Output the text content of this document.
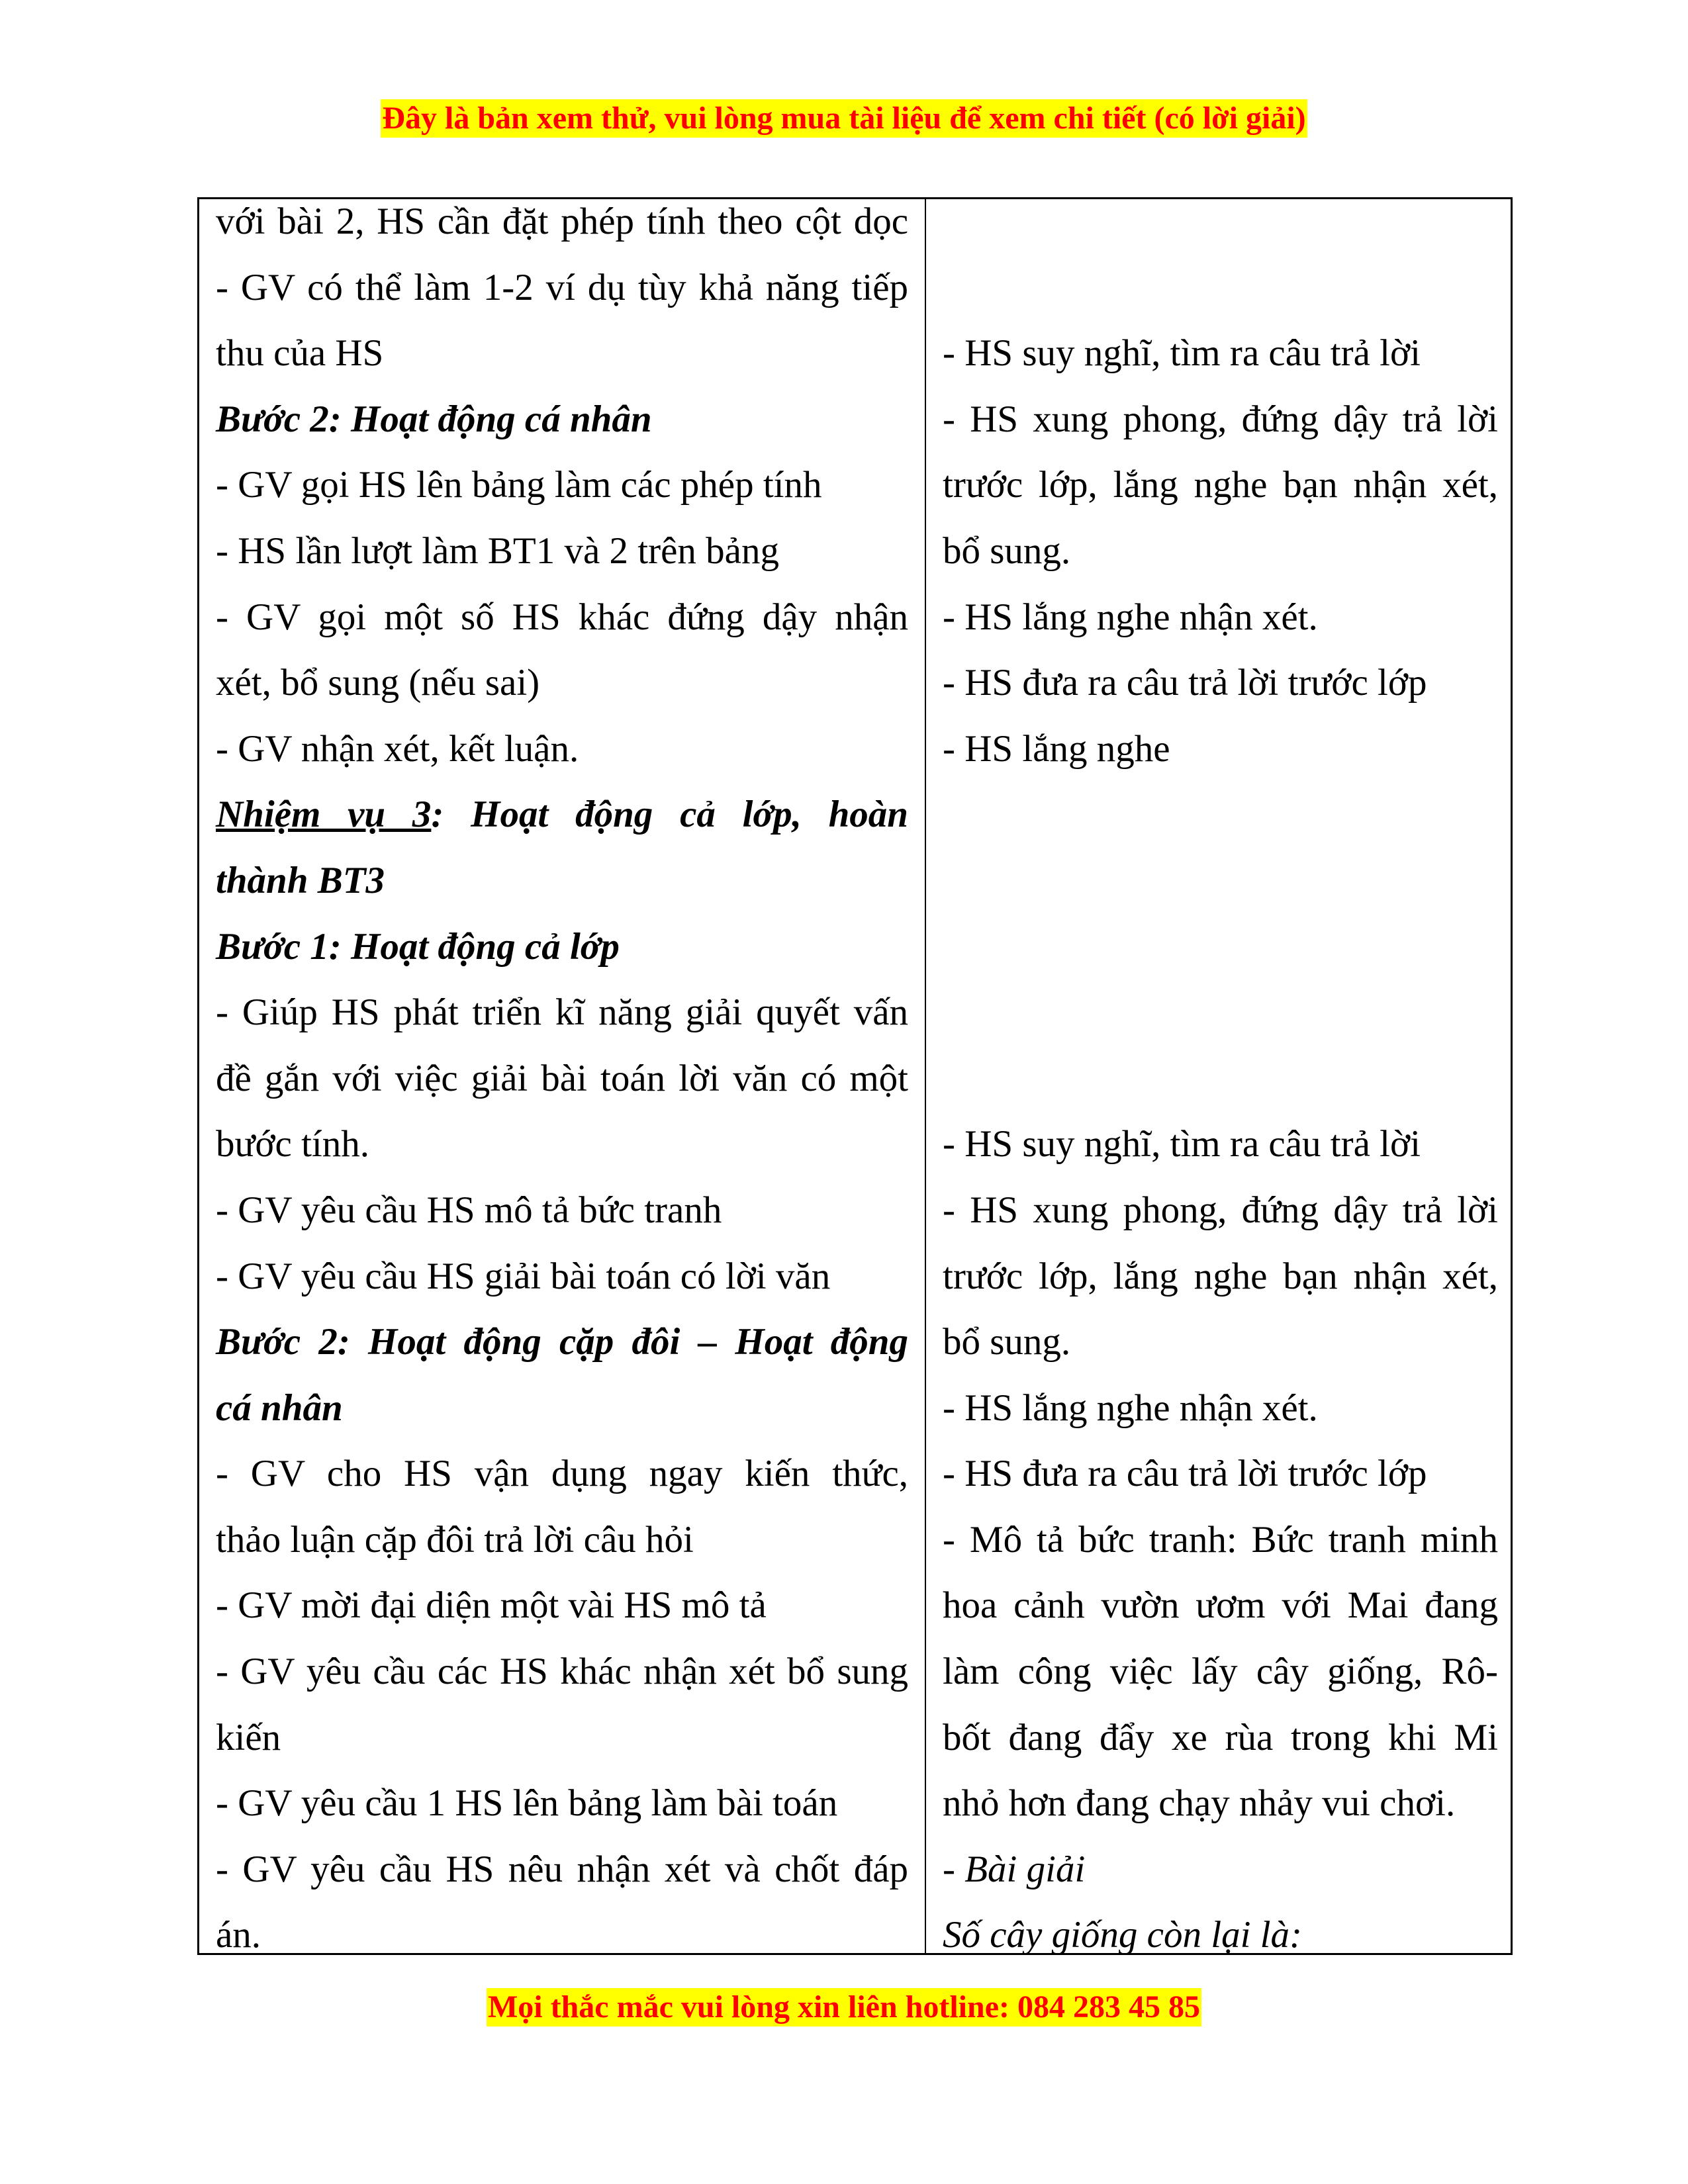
Đây là bản xem thử, vui lòng mua tài liệu để xem chi tiết (có lời giải)
với bài 2, HS cần đặt phép tính theo cột dọc
- GV có thể làm 1-2 ví dụ tùy khả năng tiếp
thu của HS
Bước 2: Hoạt động cá nhân
- GV gọi HS lên bảng làm các phép tính
- HS lần lượt làm BT1 và 2 trên bảng
- GV gọi một số HS khác đứng dậy nhận
xét, bổ sung (nếu sai)
- GV nhận xét, kết luận.
Nhiệm vụ 3: Hoạt động cả lớp, hoàn
thành BT3
Bước 1: Hoạt động cả lớp
- Giúp HS phát triển kĩ năng giải quyết vấn
đề gắn với việc giải bài toán lời văn có một
bước tính.
- GV yêu cầu HS mô tả bức tranh
- GV yêu cầu HS giải bài toán có lời văn
Bước 2: Hoạt động cặp đôi – Hoạt động
cá nhân
- GV cho HS vận dụng ngay kiến thức,
thảo luận cặp đôi trả lời câu hỏi
- GV mời đại diện một vài HS mô tả
- GV yêu cầu các HS khác nhận xét bổ sung
kiến
- GV yêu cầu 1 HS lên bảng làm bài toán
- GV yêu cầu HS nêu nhận xét và chốt đáp
án.

- HS suy nghĩ, tìm ra câu trả lời
- HS xung phong, đứng dậy trả lời
trước lớp, lắng nghe bạn nhận xét,
bổ sung.
- HS lắng nghe nhận xét.
- HS đưa ra câu trả lời trước lớp
- HS lắng nghe

- HS suy nghĩ, tìm ra câu trả lời
- HS xung phong, đứng dậy trả lời
trước lớp, lắng nghe bạn nhận xét,
bổ sung.
- HS lắng nghe nhận xét.
- HS đưa ra câu trả lời trước lớp
- Mô tả bức tranh: Bức tranh minh
hoa cảnh vườn ươm với Mai đang
làm công việc lấy cây giống, Rô-
bốt đang đẩy xe rùa trong khi Mi
nhỏ hơn đang chạy nhảy vui chơi.
- Bài giải
Số cây giống còn lại là:
Mọi thắc mắc vui lòng xin liên hotline: 084 283 45 85
